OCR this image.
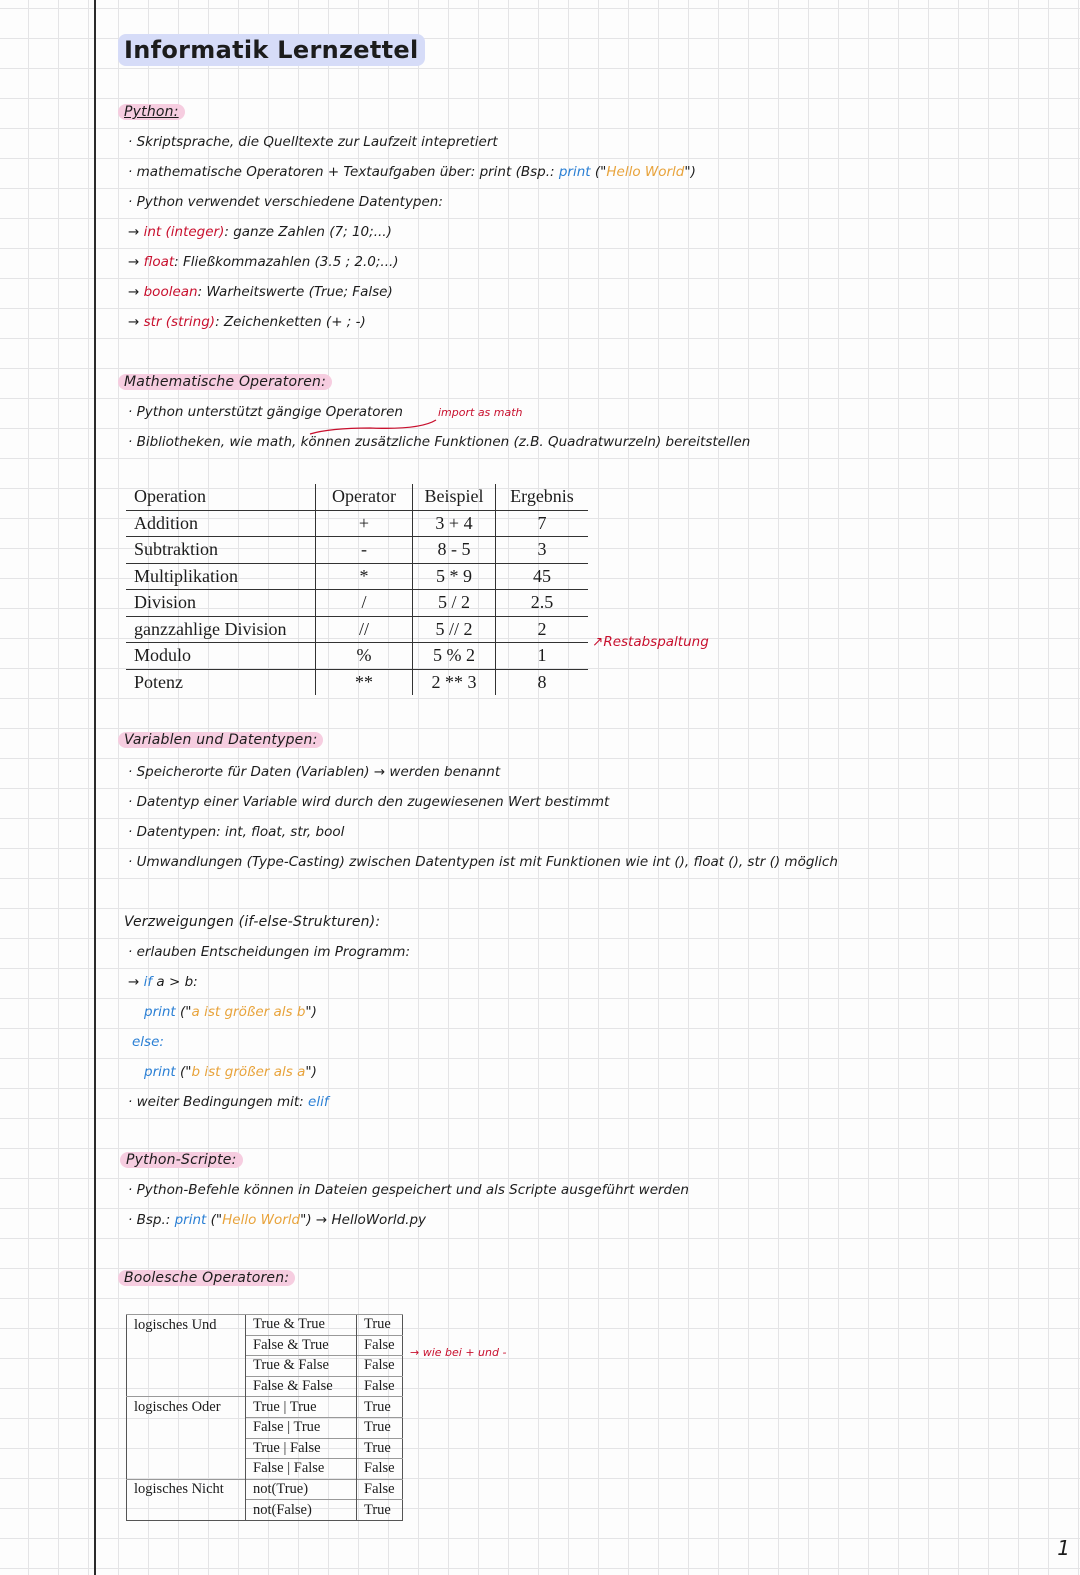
Informatik Lernzettel
Python:
· Skriptsprache, die Quelltexte zur Laufzeit intepretiert
· mathematische Operatoren + Textaufgaben über: print (Bsp.: print ("Hello World")
· Python verwendet verschiedene Datentypen:
→ int (integer): ganze Zahlen (7; 10;...)
→ float: Fließkommazahlen (3.5 ; 2.0;...)
→ boolean: Warheitswerte (True; False)
→ str (string): Zeichenketten (+ ; -)
Mathematische Operatoren:
· Python unterstützt gängige Operatoren	import as math
· Bibliotheken, wie math, können zusätzliche Funktionen (z.B. Quadratwurzeln) bereitstellen
Operation	Operator	Beispiel	Ergebnis
Addition	+	3 + 4	7
Subtraktion	-	8 - 5	3
Multiplikation	*	5 * 9	45
Division	/	5 / 2	2.5
ganzzahlige Division	//	5 // 2	2
Modulo	%	5 % 2	1
Potenz	**	2 ** 3	8
↗Restabspaltung
Variablen und Datentypen:
· Speicherorte für Daten (Variablen) → werden benannt
· Datentyp einer Variable wird durch den zugewiesenen Wert bestimmt
· Datentypen: int, float, str, bool
· Umwandlungen (Type-Casting) zwischen Datentypen ist mit Funktionen wie int (), float (), str () möglich
Verzweigungen (if-else-Strukturen):
· erlauben Entscheidungen im Programm:
→ if a > b:
print ("a ist größer als b")
else:
print ("b ist größer als a")
· weiter Bedingungen mit: elif
Python-Scripte:
· Python-Befehle können in Dateien gespeichert und als Scripte ausgeführt werden
· Bsp.: print ("Hello World") → HelloWorld.py
Boolesche Operatoren:
logisches Und	True & True	True
	False & True	False
	True & False	False
	False & False	False
logisches Oder	True | True	True
	False | True	True
	True | False	True
	False | False	False
logisches Nicht	not(True)	False
	not(False)	True
→ wie bei + und -
1
